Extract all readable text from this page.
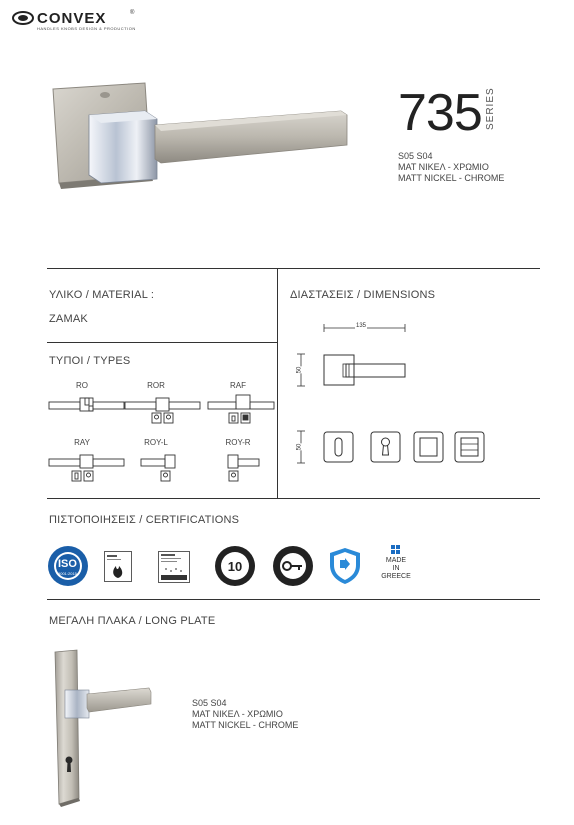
CONVEX	®
HANDLES KNOBS DESIGN & PRODUCTION
735 SERIES
S05 S04
ΜΑΤ ΝΙΚΕΛ - ΧΡΩΜΙΟ
MATT NICKEL - CHROME
ΥΛΙΚΟ / MATERIAL :
ZAMAK
ΔΙΑΣΤΑΣΕΙΣ / DIMENSIONS
135
50
50
ΤΥΠΟΙ / TYPES
RO	ROR	RAF
RAY	ROY-L	ROY-R
ΠΙΣΤΟΠΟΙΗΣΕΙΣ / CERTIFICATIONS
ISO
9001:2015	10	MADE
IN
GREECE
ΜΕΓΑΛΗ ΠΛΑΚΑ / LONG PLATE
S05 S04
ΜΑΤ ΝΙΚΕΛ - ΧΡΩΜΙΟ
MATT NICKEL - CHROME
